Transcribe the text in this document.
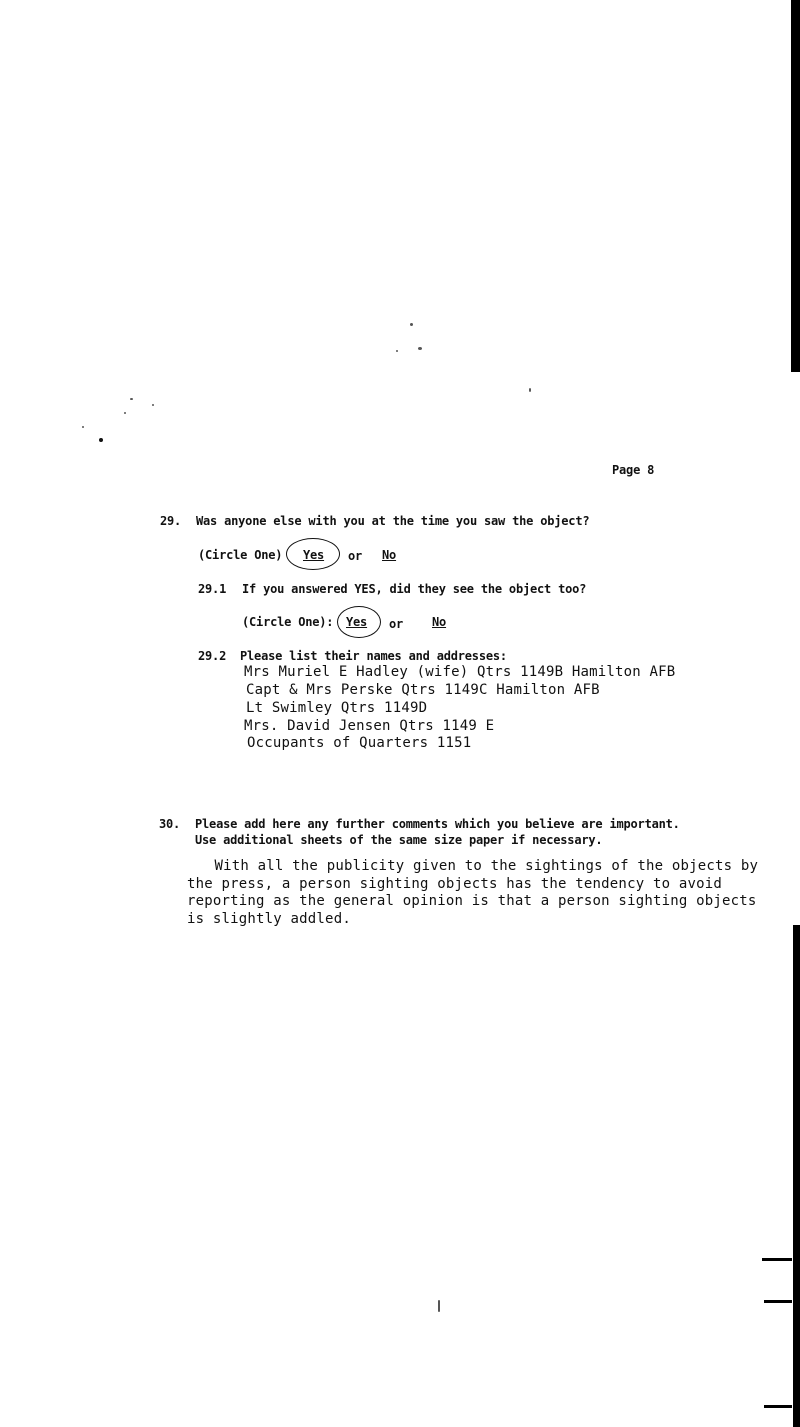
Page 8
29. Was anyone else with you at the time you saw the object?
(Circle One) Yes or No
29.1 If you answered YES, did they see the object too?
(Circle One): Yes or No
29.2 Please list their names and addresses:
Mrs Muriel E Hadley (wife) Qtrs 1149B Hamilton AFB
Capt & Mrs Perske Qtrs 1149C Hamilton AFB
Lt Swimley Qtrs 1149D
Mrs. David Jensen Qtrs 1149 E
Occupants of Quarters 1151
30. Please add here any further comments which you believe are important.
Use additional sheets of the same size paper if necessary.
With all the publicity given to the sightings of the objects by
the press, a person sighting objects has the tendency to avoid
reporting as the general opinion is that a person sighting objects
is slightly addled.
